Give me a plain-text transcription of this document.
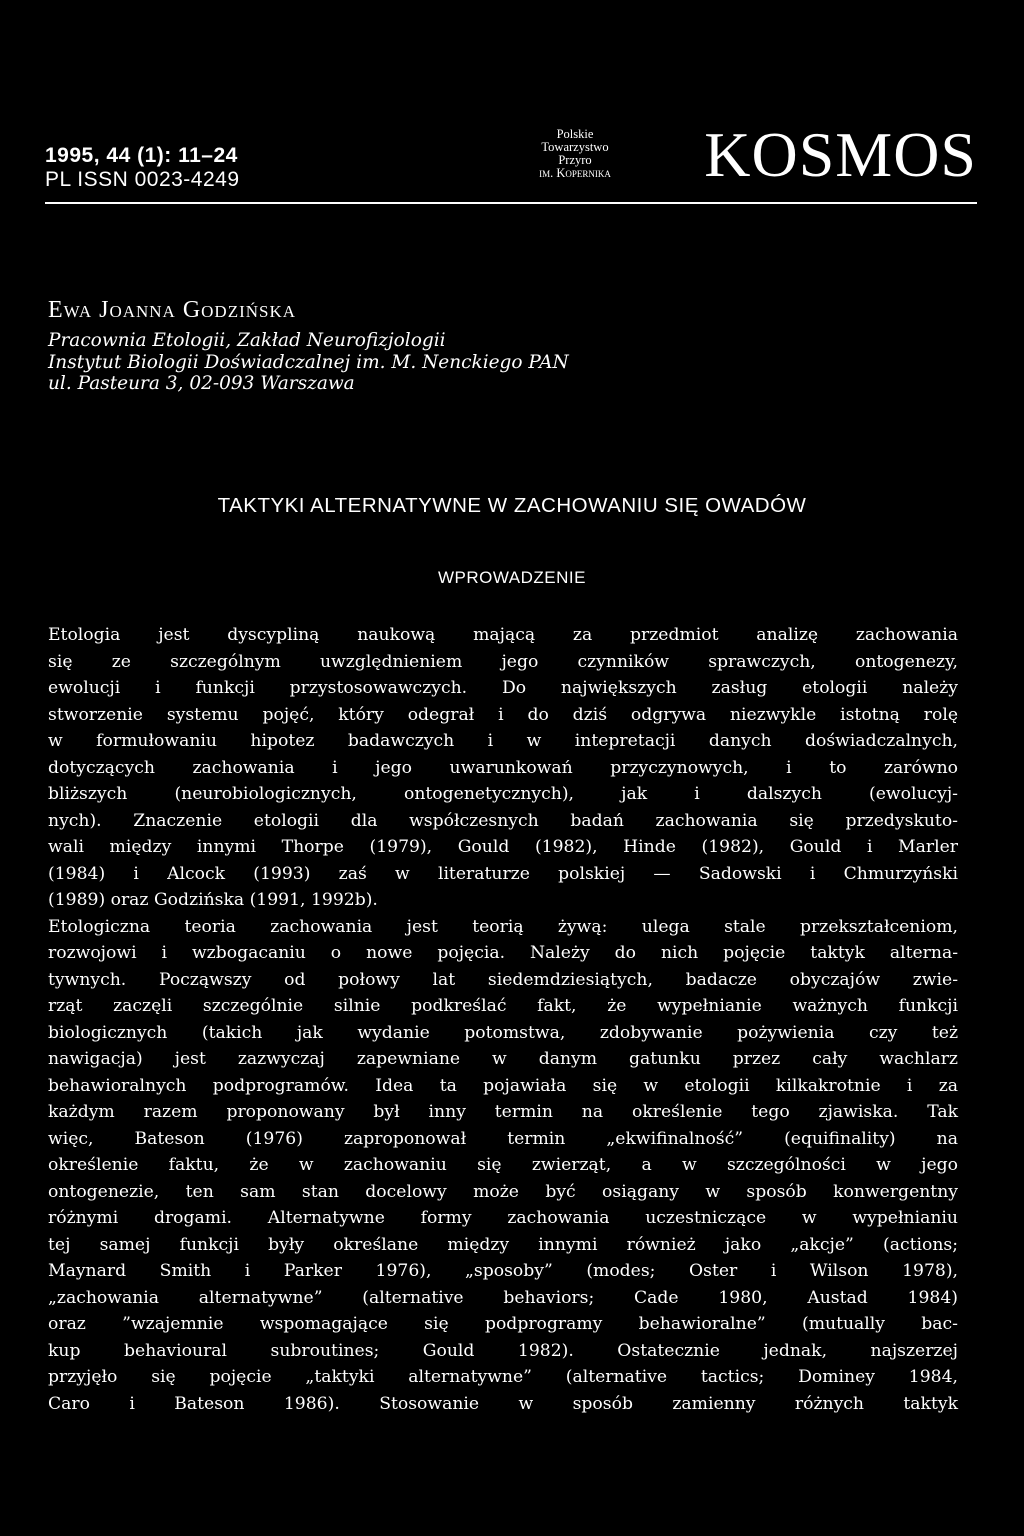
1995, 44 (1): 11–24
PL ISSN 0023-4249
Polskie
Towarzystwo
Przyro
im. Kopernika	KOSMOS
Ewa Joanna Godzińska
Pracownia Etologii, Zakład Neurofizjologii
Instytut Biologii Doświadczalnej im. M. Nenckiego PAN
ul. Pasteura 3, 02-093 Warszawa
TAKTYKI ALTERNATYWNE W ZACHOWANIU SIĘ OWADÓW
WPROWADZENIE
Etologia jest dyscypliną naukową mającą za przedmiot analizę zachowania
się ze szczególnym uwzględnieniem jego czynników sprawczych, ontogenezy,
ewolucji i funkcji przystosowawczych. Do największych zasług etologii należy
stworzenie systemu pojęć, który odegrał i do dziś odgrywa niezwykle istotną rolę
w formułowaniu hipotez badawczych i w intepretacji danych doświadczalnych,
dotyczących zachowania i jego uwarunkowań przyczynowych, i to zarówno
bliższych (neurobiologicznych, ontogenetycznych), jak i dalszych (ewolucyj-
nych). Znaczenie etologii dla współczesnych badań zachowania się przedyskuto-
wali między innymi Thorpe (1979), Gould (1982), Hinde (1982), Gould i Marler
(1984) i Alcock (1993) zaś w literaturze polskiej — Sadowski i Chmurzyński
(1989) oraz Godzińska (1991, 1992b).
Etologiczna teoria zachowania jest teorią żywą: ulega stale przekształceniom,
rozwojowi i wzbogacaniu o nowe pojęcia. Należy do nich pojęcie taktyk alterna-
tywnych. Począwszy od połowy lat siedemdziesiątych, badacze obyczajów zwie-
rząt zaczęli szczególnie silnie podkreślać fakt, że wypełnianie ważnych funkcji
biologicznych (takich jak wydanie potomstwa, zdobywanie pożywienia czy też
nawigacja) jest zazwyczaj zapewniane w danym gatunku przez cały wachlarz
behawioralnych podprogramów. Idea ta pojawiała się w etologii kilkakrotnie i za
każdym razem proponowany był inny termin na określenie tego zjawiska. Tak
więc, Bateson (1976) zaproponował termin „ekwifinalność” (equifinality) na
określenie faktu, że w zachowaniu się zwierząt, a w szczególności w jego
ontogenezie, ten sam stan docelowy może być osiągany w sposób konwergentny
różnymi drogami. Alternatywne formy zachowania uczestniczące w wypełnianiu
tej samej funkcji były określane między innymi również jako „akcje” (actions;
Maynard Smith i Parker 1976), „sposoby” (modes; Oster i Wilson 1978),
„zachowania alternatywne” (alternative behaviors; Cade 1980, Austad 1984)
oraz ”wzajemnie wspomagające się podprogramy behawioralne” (mutually bac-
kup behavioural subroutines; Gould 1982). Ostatecznie jednak, najszerzej
przyjęło się pojęcie „taktyki alternatywne” (alternative tactics; Dominey 1984,
Caro i Bateson 1986). Stosowanie w sposób zamienny różnych taktyk
